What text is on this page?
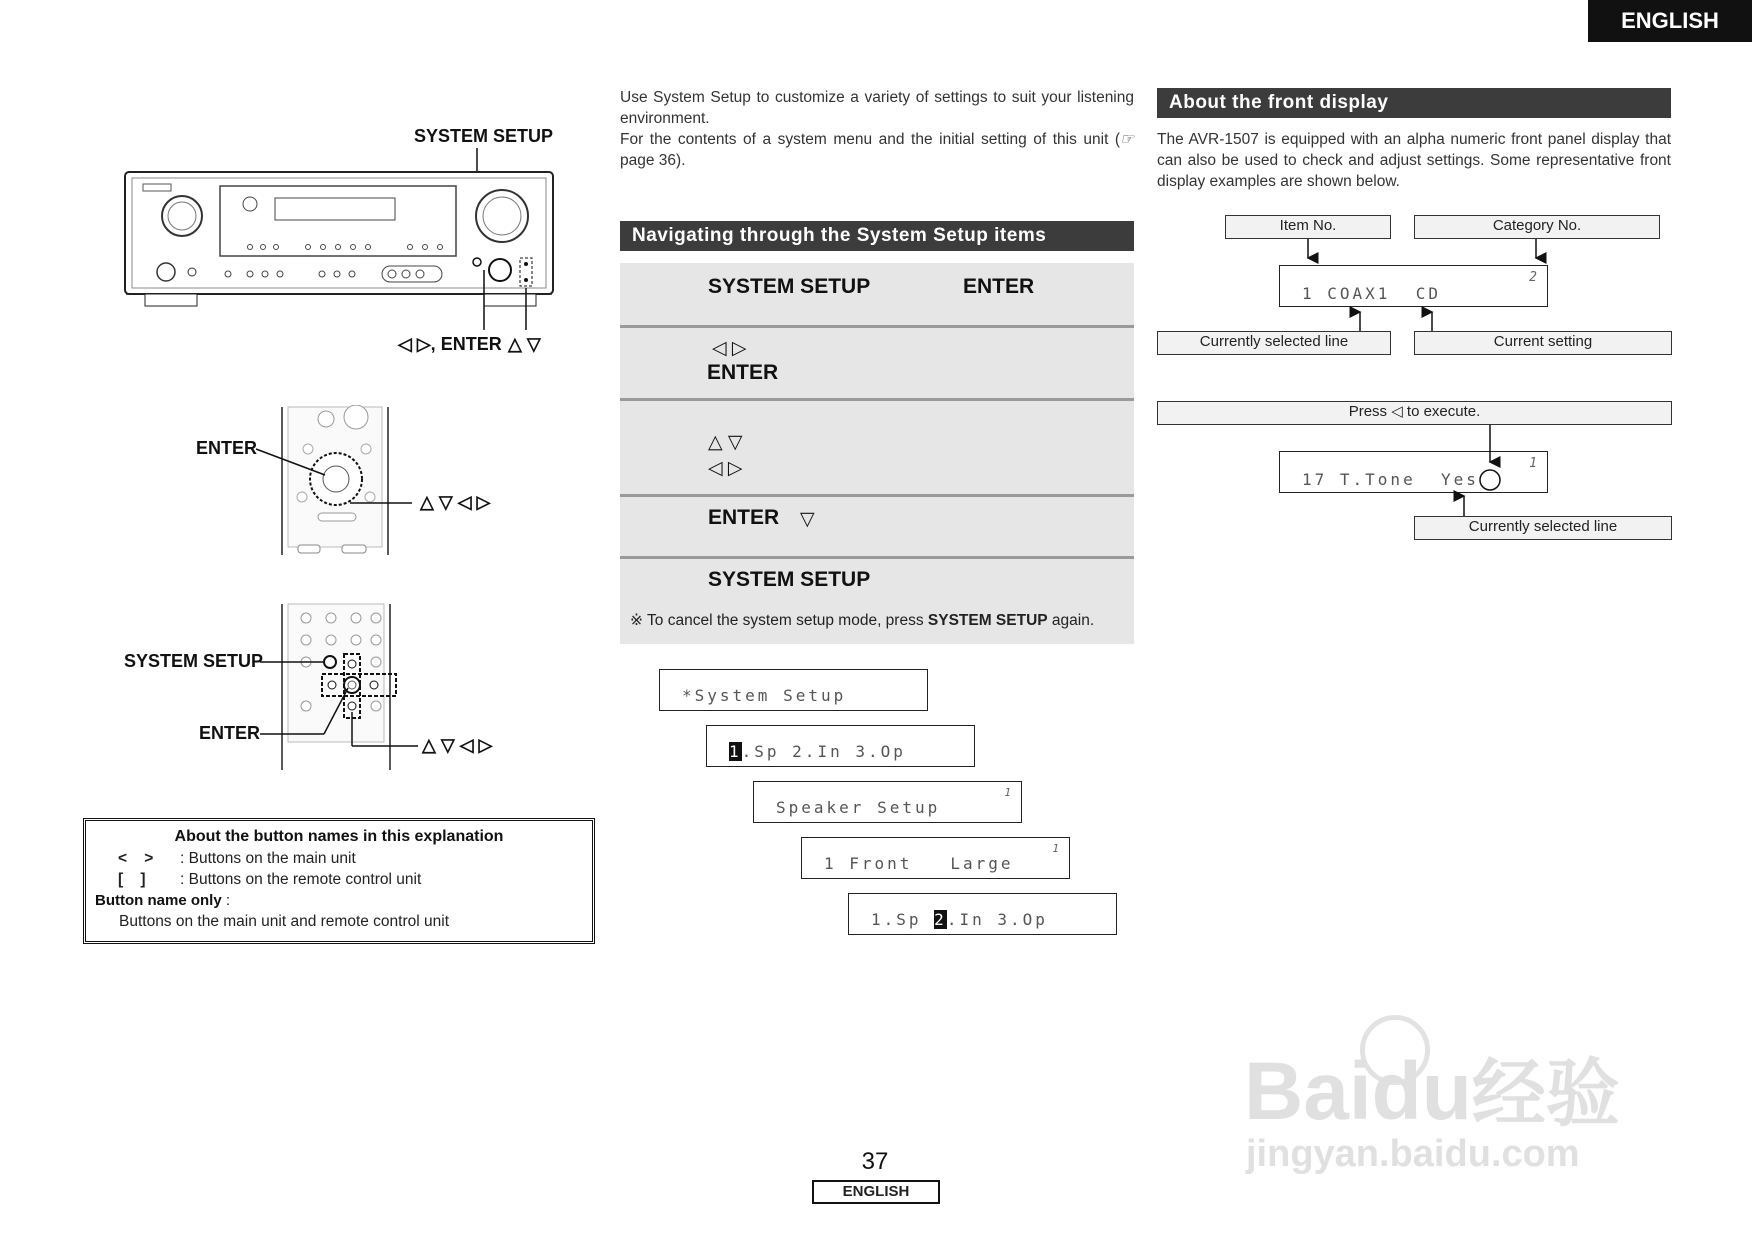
ENGLISH
SYSTEM SETUP
◁ ▷, ENTER △ ▽
ENTER
△ ▽ ◁ ▷
SYSTEM SETUP
ENTER
△ ▽ ◁ ▷
About the button names in this explanation
<    > : Buttons on the main unit
[    ] : Buttons on the remote control unit
Button name only :
Buttons on the main unit and remote control unit
Use System Setup to customize a variety of settings to suit your listening environment.
For the contents of a system menu and the initial setting of this unit (☞ page 36).
Navigating through the System Setup items
SYSTEM SETUP	ENTER
◁ ▷
ENTER
△ ▽
◁ ▷
ENTER ▽
SYSTEM SETUP
※ To cancel the system setup mode, press SYSTEM SETUP again.
*System Setup
1.Sp 2.In 3.Op
Speaker Setup
1
1 Front   Large
1
1.Sp 2.In 3.Op
About the front display
The AVR-1507 is equipped with an alpha numeric front panel display that can also be used to check and adjust settings. Some representative front display examples are shown below.
Item No.	Category No.
1 COAX1  CD
2
Currently selected line	Current setting
Press ◁ to execute.
17 T.Tone  Yes
1
Currently selected line
Baidu经验
jingyan.baidu.com
37
ENGLISH
